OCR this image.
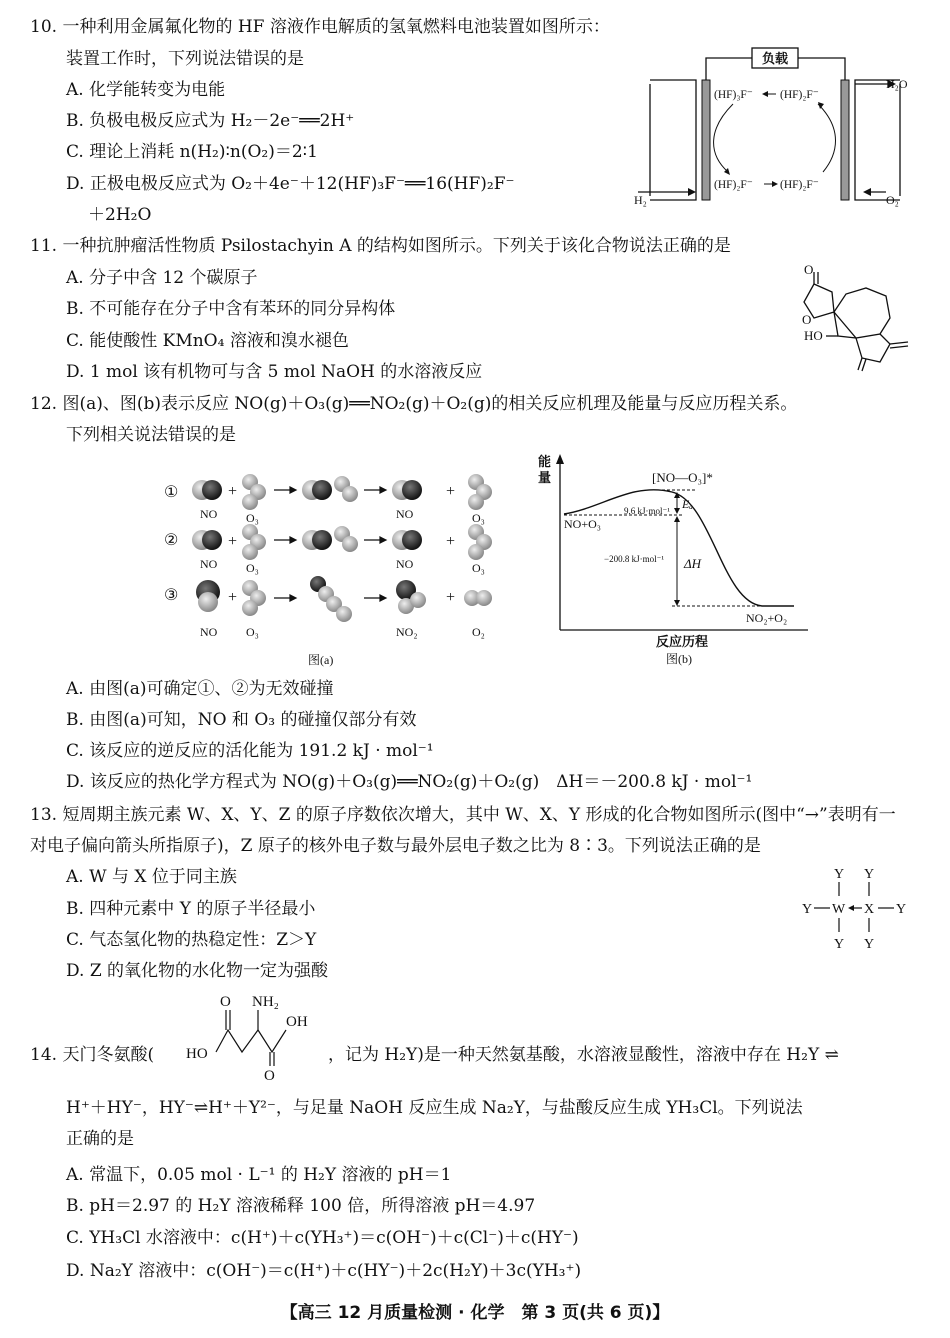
10. 一种利用金属氟化物的 HF 溶液作电解质的氢氧燃料电池装置如图所示：
装置工作时，下列说法错误的是
A. 化学能转变为电能
B. 负极电极反应式为 H₂－2e⁻══2H⁺
C. 理论上消耗 n(H₂)∶n(O₂)＝2∶1
D. 正极电极反应式为 O₂＋4e⁻＋12(HF)₃F⁻══16(HF)₂F⁻
＋2H₂O
负载
H₂O
H₂	O₂
(HF)₃F⁻ (HF)₂F⁻
(HF)₂F⁻ (HF)₂F⁻
11. 一种抗肿瘤活性物质 Psilostachyin A 的结构如图所示。下列关于该化合物说法正确的是
A. 分子中含 12 个碳原子
B. 不可能存在分子中含有苯环的同分异构体
C. 能使酸性 KMnO₄ 溶液和溴水褪色
D. 1 mol 该有机物可与含 5 mol NaOH 的水溶液反应
O
O
HO
12. 图(a)、图(b)表示反应 NO(g)＋O₃(g)══NO₂(g)＋O₂(g)的相关反应机理及能量与反应历程关系。
下列相关说法错误的是
①
②
③
+	+
+	+
+	+
NO O₃	NO	O₃
NO O₃	NO	O₃
NO O₃	NO₂	O₂
图(a)
能
量	[NO—O₃]*
Eₐ
9.6 kJ·mol⁻¹
−200.8 kJ·mol⁻¹ ΔH
NO+O₃
NO₂+O₂
反应历程
图(b)
A. 由图(a)可确定①、②为无效碰撞
B. 由图(a)可知，NO 和 O₃ 的碰撞仅部分有效
C. 该反应的逆反应的活化能为 191.2 kJ · mol⁻¹
D. 该反应的热化学方程式为 NO(g)＋O₃(g)══NO₂(g)＋O₂(g)　ΔH＝－200.8 kJ · mol⁻¹
13. 短周期主族元素 W、X、Y、Z 的原子序数依次增大，其中 W、X、Y 形成的化合物如图所示(图中“→”表明有一
对电子偏向箭头所指原子)，Z 原子的核外电子数与最外层电子数之比为 8∶3。下列说法正确的是
A. W 与 X 位于同主族
B. 四种元素中 Y 的原子半径最小
C. 气态氢化物的热稳定性：Z＞Y
D. Z 的氧化物的水化物一定为强酸
Y Y
Y W X Y
Y Y
O NH₂
OH
HO
O
14. 天门冬氨酸(	，记为 H₂Y)是一种天然氨基酸，水溶液显酸性，溶液中存在 H₂Y ⇌
H⁺＋HY⁻，HY⁻⇌H⁺＋Y²⁻，与足量 NaOH 反应生成 Na₂Y，与盐酸反应生成 YH₃Cl。下列说法
正确的是
A. 常温下，0.05 mol · L⁻¹ 的 H₂Y 溶液的 pH＝1
B. pH＝2.97 的 H₂Y 溶液稀释 100 倍，所得溶液 pH＝4.97
C. YH₃Cl 水溶液中：c(H⁺)＋c(YH₃⁺)＝c(OH⁻)＋c(Cl⁻)＋c(HY⁻)
D. Na₂Y 溶液中：c(OH⁻)＝c(H⁺)＋c(HY⁻)＋2c(H₂Y)＋3c(YH₃⁺)
【高三 12 月质量检测 · 化学　第 3 页(共 6 页)】
